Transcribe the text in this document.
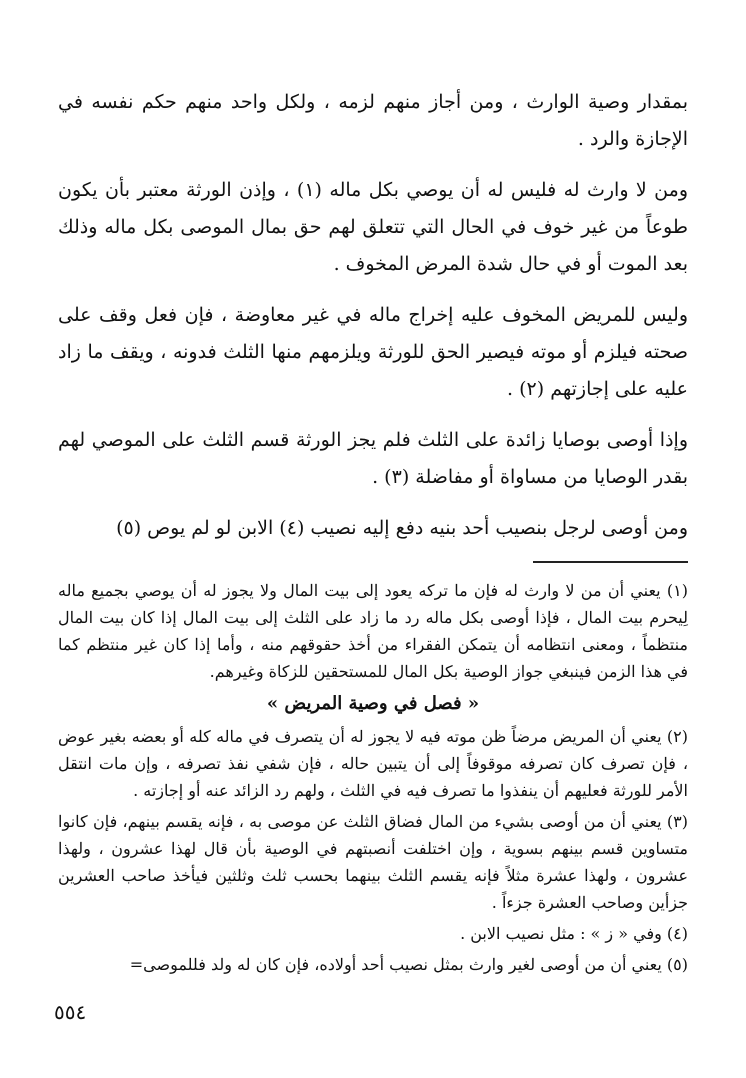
بمقدار وصية الوارث ، ومن أجاز منهم لزمه ، ولكل واحد منهم حكم نفسه في الإجازة والرد .

ومن لا وارث له فليس له أن يوصي بكل ماله (١) ، وإذن الورثة معتبر بأن يكون طوعاً من غير خوف في الحال التي تتعلق لهم حق بمال الموصى بكل ماله وذلك بعد الموت أو في حال شدة المرض المخوف .

وليس للمريض المخوف عليه إخراج ماله في غير معاوضة ، فإن فعل وقف على صحته فيلزم أو موته فيصير الحق للورثة ويلزمهم منها الثلث فدونه ، ويقف ما زاد عليه على إجازتهم (٢) .

وإذا أوصى بوصايا زائدة على الثلث فلم يجز الورثة قسم الثلث على الموصي لهم بقدر الوصايا من مساواة أو مفاضلة (٣) .

ومن أوصى لرجل بنصيب أحد بنيه دفع إليه نصيب (٤) الابن لو لم يوص (٥)

(١) يعني أن من لا وارث له فإن ما تركه يعود إلى بيت المال ولا يجوز له أن يوصي بجميع ماله لِيحرم بيت المال ، فإذا أوصى بكل ماله رد ما زاد على الثلث إلى بيت المال إذا كان بيت المال منتظماً ، ومعنى انتظامه أن يتمكن الفقراء من أخذ حقوقهم منه ، وأما إذا كان غير منتظم كما في هذا الزمن فينبغي جواز الوصية بكل المال للمستحقين للزكاة وغيرهم.

« فصل في وصية المريض »

(٢) يعني أن المريض مرضاً ظن موته فيه لا يجوز له أن يتصرف في ماله كله أو بعضه بغير عوض ، فإن تصرف كان تصرفه موقوفاً إلى أن يتبين حاله ، فإن شفي نفذ تصرفه ، وإن مات انتقل الأمر للورثة فعليهم أن ينفذوا ما تصرف فيه في الثلث ، ولهم رد الزائد عنه أو إجازته .

(٣) يعني أن من أوصى بشيء من المال فضاق الثلث عن موصى به ، فإنه يقسم بينهم، فإن كانوا متساوين قسم بينهم بسوية ، وإن اختلفت أنصبتهم في الوصية بأن قال لهذا عشرون ، ولهذا عشرون ، ولهذا عشرة مثلاً فإنه يقسم الثلث بينهما بحسب ثلث وثلثين فيأخذ صاحب العشرين جزأين وصاحب العشرة جزءاً .

(٤) وفي « ز » : مثل نصيب الابن .

(٥) يعني أن من أوصى لغير وارث بمثل نصيب أحد أولاده، فإن كان له ولد فللموصى=

٥٥٤
